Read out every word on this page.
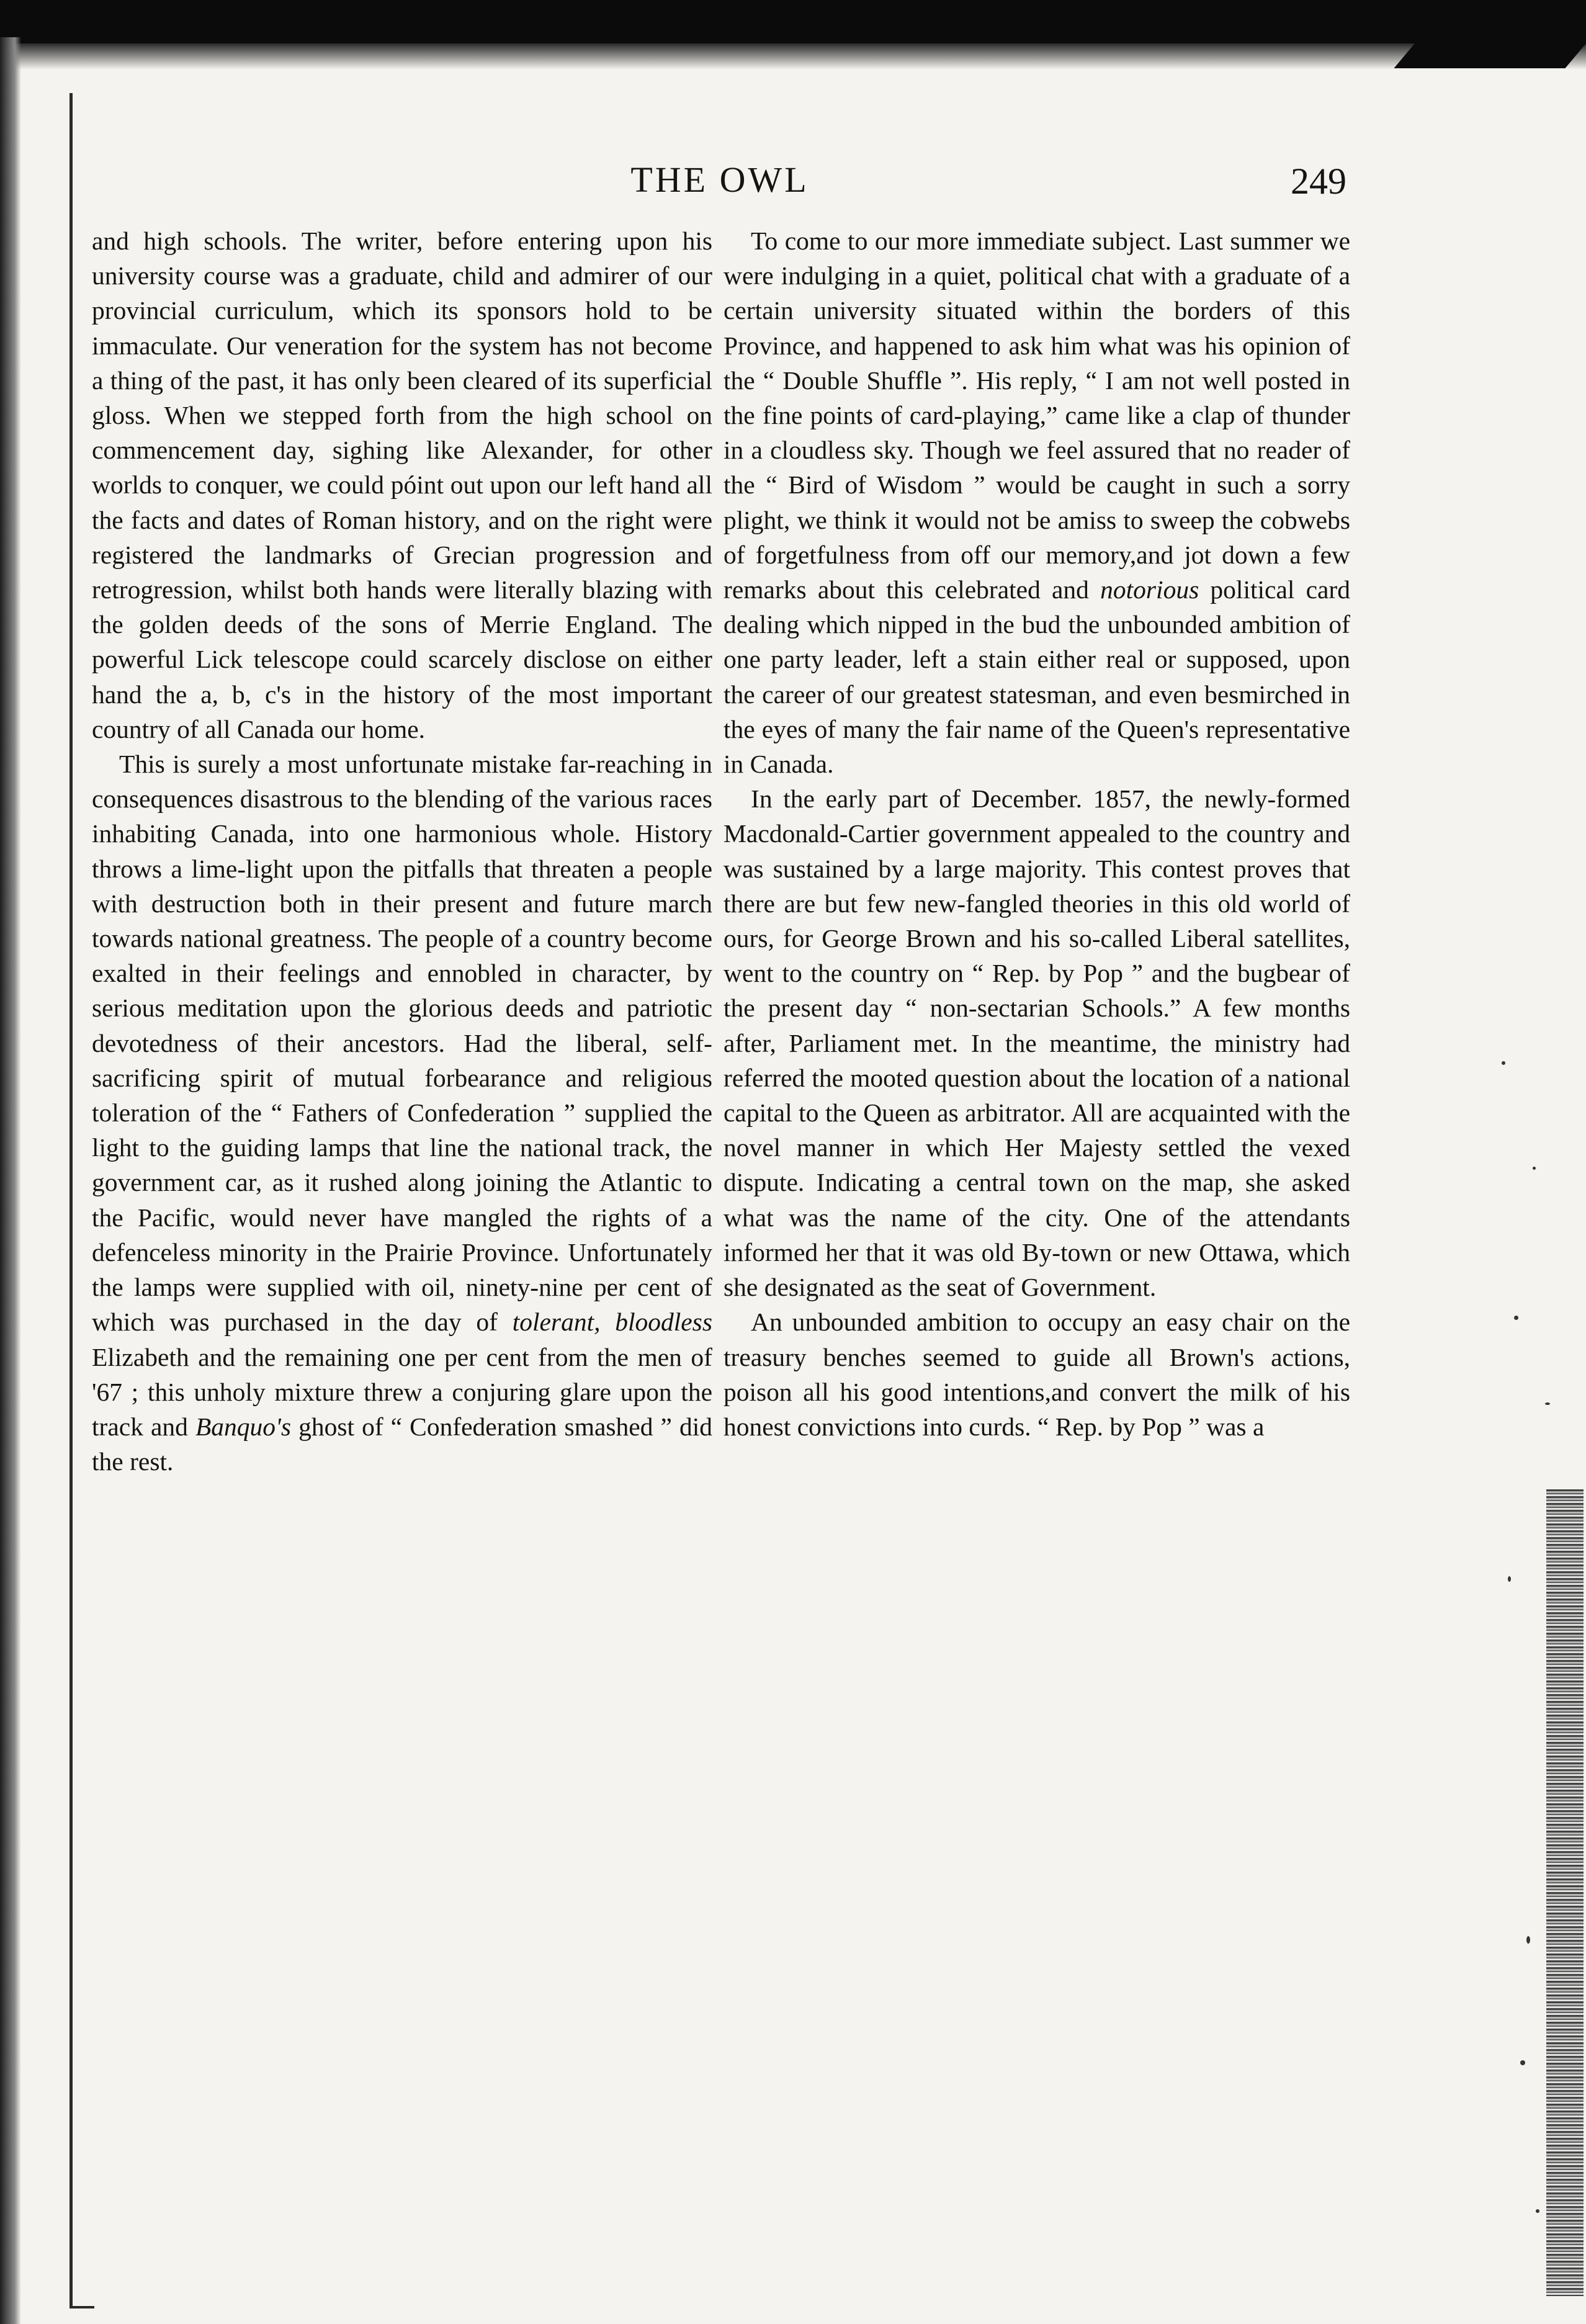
THE OWL	249

and high schools. The writer, before entering upon his university course was a graduate, child and admirer of our provincial curriculum, which its sponsors hold to be immaculate. Our veneration for the system has not become a thing of the past, it has only been cleared of its superficial gloss. When we stepped forth from the high school on commencement day, sighing like Alexander, for other worlds to conquer, we could póint out upon our left hand all the facts and dates of Roman history, and on the right were registered the landmarks of Grecian progression and retrogression, whilst both hands were literally blazing with the golden deeds of the sons of Merrie England. The powerful Lick telescope could scarcely disclose on either hand the a, b, c's in the history of the most important country of all Canada our home.

This is surely a most unfortunate mistake far-reaching in consequences disastrous to the blending of the various races inhabiting Canada, into one harmonious whole. History throws a lime-light upon the pitfalls that threaten a people with destruction both in their present and future march towards national greatness. The people of a country become exalted in their feelings and ennobled in character, by serious meditation upon the glorious deeds and patriotic devotedness of their ancestors. Had the liberal, self-sacrificing spirit of mutual forbearance and religious toleration of the “ Fathers of Confederation ” supplied the light to the guiding lamps that line the national track, the government car, as it rushed along joining the Atlantic to the Pacific, would never have mangled the rights of a defenceless minority in the Prairie Province. Unfortunately the lamps were supplied with oil, ninety-nine per cent of which was purchased in the day of tolerant, bloodless Elizabeth and the remaining one per cent from the men of '67 ; this unholy mixture threw a conjuring glare upon the track and Banquo's ghost of “ Confederation smashed ” did the rest.

To come to our more immediate subject. Last summer we were indulging in a quiet, political chat with a graduate of a certain university situated within the borders of this Province, and happened to ask him what was his opinion of the “ Double Shuffle ”. His reply, “ I am not well posted in the fine points of card-playing,” came like a clap of thunder in a cloudless sky. Though we feel assured that no reader of the “ Bird of Wisdom ” would be caught in such a sorry plight, we think it would not be amiss to sweep the cobwebs of forgetfulness from off our memory,and jot down a few remarks about this celebrated and notorious political card dealing which nipped in the bud the unbounded ambition of one party leader, left a stain either real or supposed, upon the career of our greatest statesman, and even besmirched in the eyes of many the fair name of the Queen's representative in Canada.

In the early part of December. 1857, the newly-formed Macdonald-Cartier government appealed to the country and was sustained by a large majority. This contest proves that there are but few new-fangled theories in this old world of ours, for George Brown and his so-called Liberal satellites, went to the country on “ Rep. by Pop ” and the bugbear of the present day “ non-sectarian Schools.” A few months after, Parliament met. In the meantime, the ministry had referred the mooted question about the location of a national capital to the Queen as arbitrator. All are acquainted with the novel manner in which Her Majesty settled the vexed dispute. Indicating a central town on the map, she asked what was the name of the city. One of the attendants informed her that it was old By-town or new Ottawa, which she designated as the seat of Government.

An unbounded ambition to occupy an easy chair on the treasury benches seemed to guide all Brown's actions, poison all his good intentions,and convert the milk of his honest convictions into curds. “ Rep. by Pop ” was a
